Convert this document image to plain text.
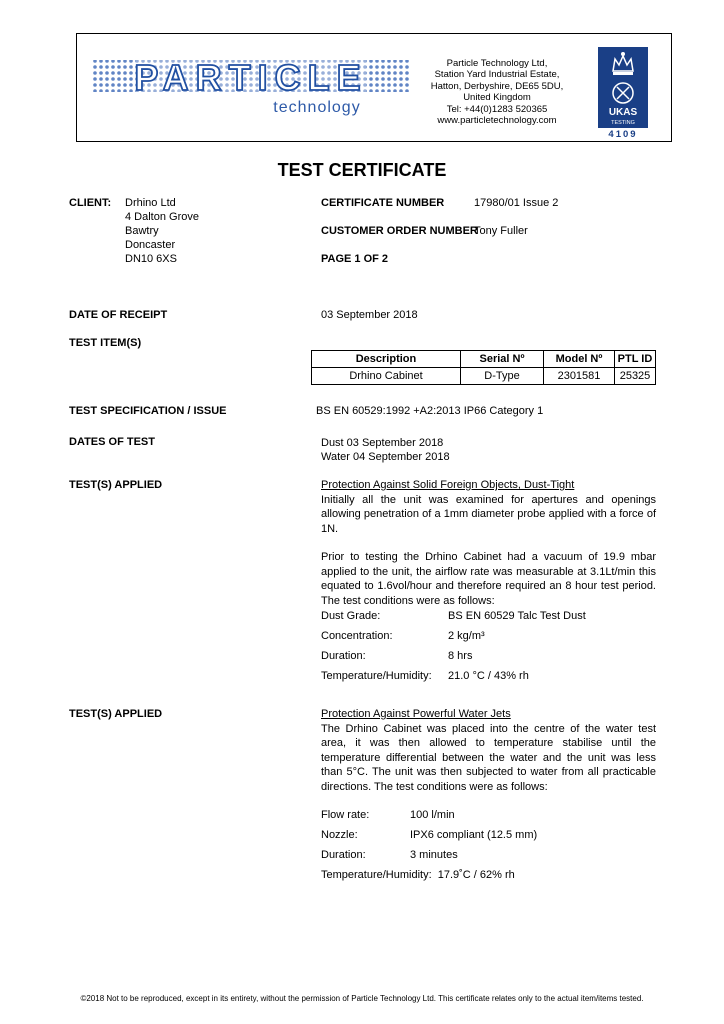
PARTICLE
technology
Particle Technology Ltd,
Station Yard Industrial Estate,
Hatton, Derbyshire, DE65 5DU,
United Kingdom
Tel: +44(0)1283 520365
www.particletechnology.com
UKAS
TESTING
4109
TEST CERTIFICATE
CLIENT: Drhino Ltd
4 Dalton Grove
Bawtry
Doncaster
DN10 6XS
CERTIFICATE NUMBER	17980/01 Issue 2
CUSTOMER ORDER NUMBER
Tony Fuller
PAGE 1 OF 2
DATE OF RECEIPT	03 September 2018
TEST ITEM(S)
Description	Serial Nº	Model Nº	PTL ID
Drhino Cabinet	D-Type	2301581	25325
TEST SPECIFICATION / ISSUE	BS EN 60529:1992 +A2:2013 IP66 Category 1
DATES OF TEST	Dust 03 September 2018
Water 04 September 2018
TEST(S) APPLIED	Protection Against Solid Foreign Objects, Dust-Tight
Initially all the unit was examined for apertures and openings allowing penetration of a 1mm diameter probe applied with a force of 1N.
Prior to testing the Drhino Cabinet had a vacuum of 19.9 mbar applied to the unit, the airflow rate was measurable at 3.1Lt/min this equated to 1.6vol/hour and therefore required an 8 hour test period. The test conditions were as follows:
Dust Grade:	BS EN 60529 Talc Test Dust
Concentration:	2 kg/m³
Duration:	8 hrs
Temperature/Humidity: 21.0 °C / 43% rh
TEST(S) APPLIED	Protection Against Powerful Water Jets
The Drhino Cabinet was placed into the centre of the water test area, it was then allowed to temperature stabilise until the temperature differential between the water and the unit was less than 5°C. The unit was then subjected to water from all practicable directions. The test conditions were as follows:
Flow rate:	100 l/min
Nozzle:	IPX6 compliant (12.5 mm)
Duration:	3 minutes
Temperature/Humidity: 17.9˚C / 62% rh
©2018 Not to be reproduced, except in its entirety, without the permission of Particle Technology Ltd. This certificate relates only to the actual item/items tested.
